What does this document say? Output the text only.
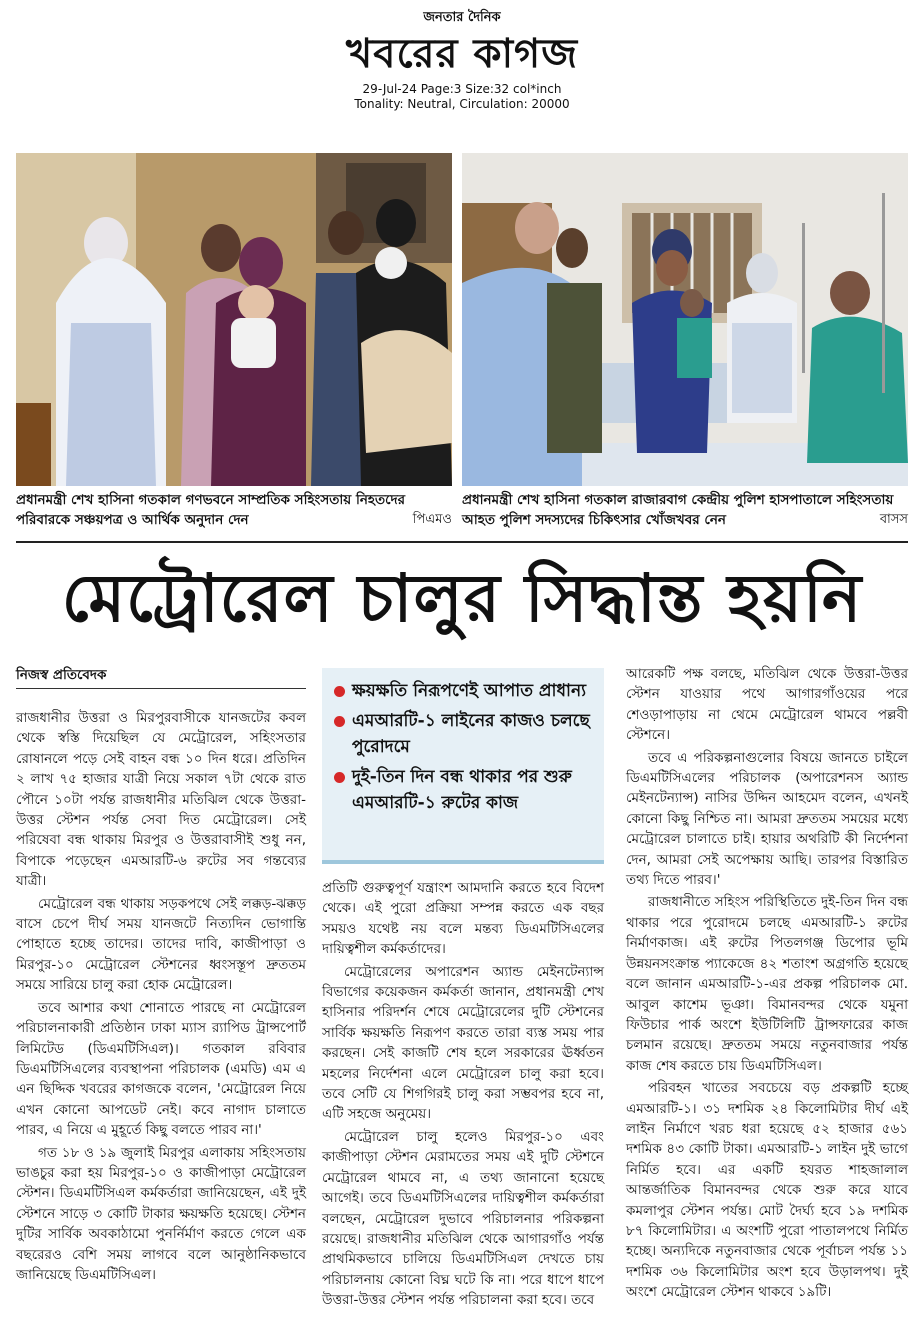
জনতার দৈনিক
খবরের কাগজ
29-Jul-24 Page:3 Size:32 col*inch
Tonality: Neutral, Circulation: 20000
প্রধানমন্ত্রী শেখ হাসিনা গতকাল গণভবনে সাম্প্রতিক সহিংসতায় নিহতদের পরিবারকে সঞ্চয়পত্র ও আর্থিক অনুদান দেন	পিএমও
প্রধানমন্ত্রী শেখ হাসিনা গতকাল রাজারবাগ কেন্দ্রীয় পুলিশ হাসপাতালে সহিংসতায় আহত পুলিশ সদস্যদের চিকিৎসার খোঁজখবর নেন	বাসস
মেট্রোরেল চালুর সিদ্ধান্ত হয়নি
নিজস্ব প্রতিবেদক

রাজধানীর উত্তরা ও মিরপুরবাসীকে যানজটের কবল থেকে স্বস্তি দিয়েছিল যে মেট্রোরেল, সহিংসতার রোষানলে পড়ে সেই বাহন বন্ধ ১০ দিন ধরে। প্রতিদিন ২ লাখ ৭৫ হাজার যাত্রী নিয়ে সকাল ৭টা থেকে রাত পৌনে ১০টা পর্যন্ত রাজধানীর মতিঝিল থেকে উত্তরা-উত্তর স্টেশন পর্যন্ত সেবা দিত মেট্রোরেল। সেই পরিষেবা বন্ধ থাকায় মিরপুর ও উত্তরাবাসীই শুধু নন, বিপাকে পড়েছেন এমআরটি-৬ রুটের সব গন্তব্যের যাত্রী।

মেট্রোরেল বন্ধ থাকায় সড়কপথে সেই লক্কড়-ঝক্কড় বাসে চেপে দীর্ঘ সময় যানজটে নিত্যদিন ভোগান্তি পোহাতে হচ্ছে তাদের। তাদের দাবি, কাজীপাড়া ও মিরপুর-১০ মেট্রোরেল স্টেশনের ধ্বংসস্তূপ দ্রুততম সময়ে সারিয়ে চালু করা হোক মেট্রোরেল।

তবে আশার কথা শোনাতে পারছে না মেট্রোরেল পরিচালনাকারী প্রতিষ্ঠান ঢাকা ম্যাস র‍্যাপিড ট্রান্সপোর্ট লিমিটেড (ডিএমটিসিএল)। গতকাল রবিবার ডিএমটিসিএলের ব্যবস্থাপনা পরিচালক (এমডি) এম এ এন ছিদ্দিক খবরের কাগজকে বলেন, 'মেট্রোরেল নিয়ে এখন কোনো আপডেট নেই। কবে নাগাদ চালাতে পারব, এ নিয়ে এ মুহূর্তে কিছু বলতে পারব না।'

গত ১৮ ও ১৯ জুলাই মিরপুর এলাকায় সহিংসতায় ভাঙচুর করা হয় মিরপুর-১০ ও কাজীপাড়া মেট্রোরেল স্টেশন। ডিএমটিসিএল কর্মকর্তারা জানিয়েছেন, এই দুই স্টেশনে সাড়ে ৩ কোটি টাকার ক্ষয়ক্ষতি হয়েছে। স্টেশন দুটির সার্বিক অবকাঠামো পুনর্নির্মাণ করতে গেলে এক বছরেরও বেশি সময় লাগবে বলে আনুষ্ঠানিকভাবে জানিয়েছে ডিএমটিসিএল।

ক্ষয়ক্ষতি নিরূপণেই আপাত প্রাধান্য
এমআরটি-১ লাইনের কাজও চলছে পুরোদমে
দুই-তিন দিন বন্ধ থাকার পর শুরু এমআরটি-১ রুটের কাজ

প্রতিটি গুরুত্বপূর্ণ যন্ত্রাংশ আমদানি করতে হবে বিদেশ থেকে। এই পুরো প্রক্রিয়া সম্পন্ন করতে এক বছর সময়ও যথেষ্ট নয় বলে মন্তব্য ডিএমটিসিএলের দায়িত্বশীল কর্মকর্তাদের।

মেট্রোরেলের অপারেশন অ্যান্ড মেইনটেন্যান্স বিভাগের কয়েকজন কর্মকর্তা জানান, প্রধানমন্ত্রী শেখ হাসিনার পরিদর্শন শেষে মেট্রোরেলের দুটি স্টেশনের সার্বিক ক্ষয়ক্ষতি নিরূপণ করতে তারা ব্যস্ত সময় পার করছেন। সেই কাজটি শেষ হলে সরকারের ঊর্ধ্বতন মহলের নির্দেশনা এলে মেট্রোরেল চালু করা হবে। তবে সেটি যে শিগগিরই চালু করা সম্ভবপর হবে না, এটি সহজে অনুমেয়।

মেট্রোরেল চালু হলেও মিরপুর-১০ এবং কাজীপাড়া স্টেশন মেরামতের সময় এই দুটি স্টেশনে মেট্রোরেল থামবে না, এ তথ্য জানানো হয়েছে আগেই। তবে ডিএমটিসিএলের দায়িত্বশীল কর্মকর্তারা বলছেন, মেট্রোরেল দুভাবে পরিচালনার পরিকল্পনা রয়েছে। রাজধানীর মতিঝিল থেকে আগারগাঁও পর্যন্ত প্রাথমিকভাবে চালিয়ে ডিএমটিসিএল দেখতে চায় পরিচালনায় কোনো বিঘ্ন ঘটে কি না। পরে ধাপে ধাপে উত্তরা-উত্তর স্টেশন পর্যন্ত পরিচালনা করা হবে। তবে

আরেকটি পক্ষ বলছে, মতিঝিল থেকে উত্তরা-উত্তর স্টেশন যাওয়ার পথে আগারগাঁওয়ের পরে শেওড়াপাড়ায় না থেমে মেট্রোরেল থামবে পল্লবী স্টেশনে।

তবে এ পরিকল্পনাগুলোর বিষয়ে জানতে চাইলে ডিএমটিসিএলের পরিচালক (অপারেশনস অ্যান্ড মেইনটেন্যান্স) নাসির উদ্দিন আহমেদ বলেন, এখনই কোনো কিছু নিশ্চিত না। আমরা দ্রুততম সময়ের মধ্যে মেট্রোরেল চালাতে চাই। হায়ার অথরিটি কী নির্দেশনা দেন, আমরা সেই অপেক্ষায় আছি। তারপর বিস্তারিত তথ্য দিতে পারব।'

রাজধানীতে সহিংস পরিস্থিতিতে দুই-তিন দিন বন্ধ থাকার পরে পুরোদমে চলছে এমআরটি-১ রুটের নির্মাণকাজ। এই রুটের পিতলগঞ্জ ডিপোর ভূমি উন্নয়নসংক্রান্ত প্যাকেজে ৪২ শতাংশ অগ্রগতি হয়েছে বলে জানান এমআরটি-১-এর প্রকল্প পরিচালক মো. আবুল কাশেম ভূঞা। বিমানবন্দর থেকে যমুনা ফিউচার পার্ক অংশে ইউটিলিটি ট্রান্সফারের কাজ চলমান রয়েছে। দ্রুততম সময়ে নতুনবাজার পর্যন্ত কাজ শেষ করতে চায় ডিএমটিসিএল।

পরিবহন খাতের সবচেয়ে বড় প্রকল্পটি হচ্ছে এমআরটি-১। ৩১ দশমিক ২৪ কিলোমিটার দীর্ঘ এই লাইন নির্মাণে খরচ ধরা হয়েছে ৫২ হাজার ৫৬১ দশমিক ৪৩ কোটি টাকা। এমআরটি-১ লাইন দুই ভাগে নির্মিত হবে। এর একটি হযরত শাহজালাল আন্তর্জাতিক বিমানবন্দর থেকে শুরু করে যাবে কমলাপুর স্টেশন পর্যন্ত। মোট দৈর্ঘ্য হবে ১৯ দশমিক ৮৭ কিলোমিটার। এ অংশটি পুরো পাতালপথে নির্মিত হচ্ছে। অন্যদিকে নতুনবাজার থেকে পূর্বাচল পর্যন্ত ১১ দশমিক ৩৬ কিলোমিটার অংশ হবে উড়ালপথ। দুই অংশে মেট্রোরেল স্টেশন থাকবে ১৯টি।
